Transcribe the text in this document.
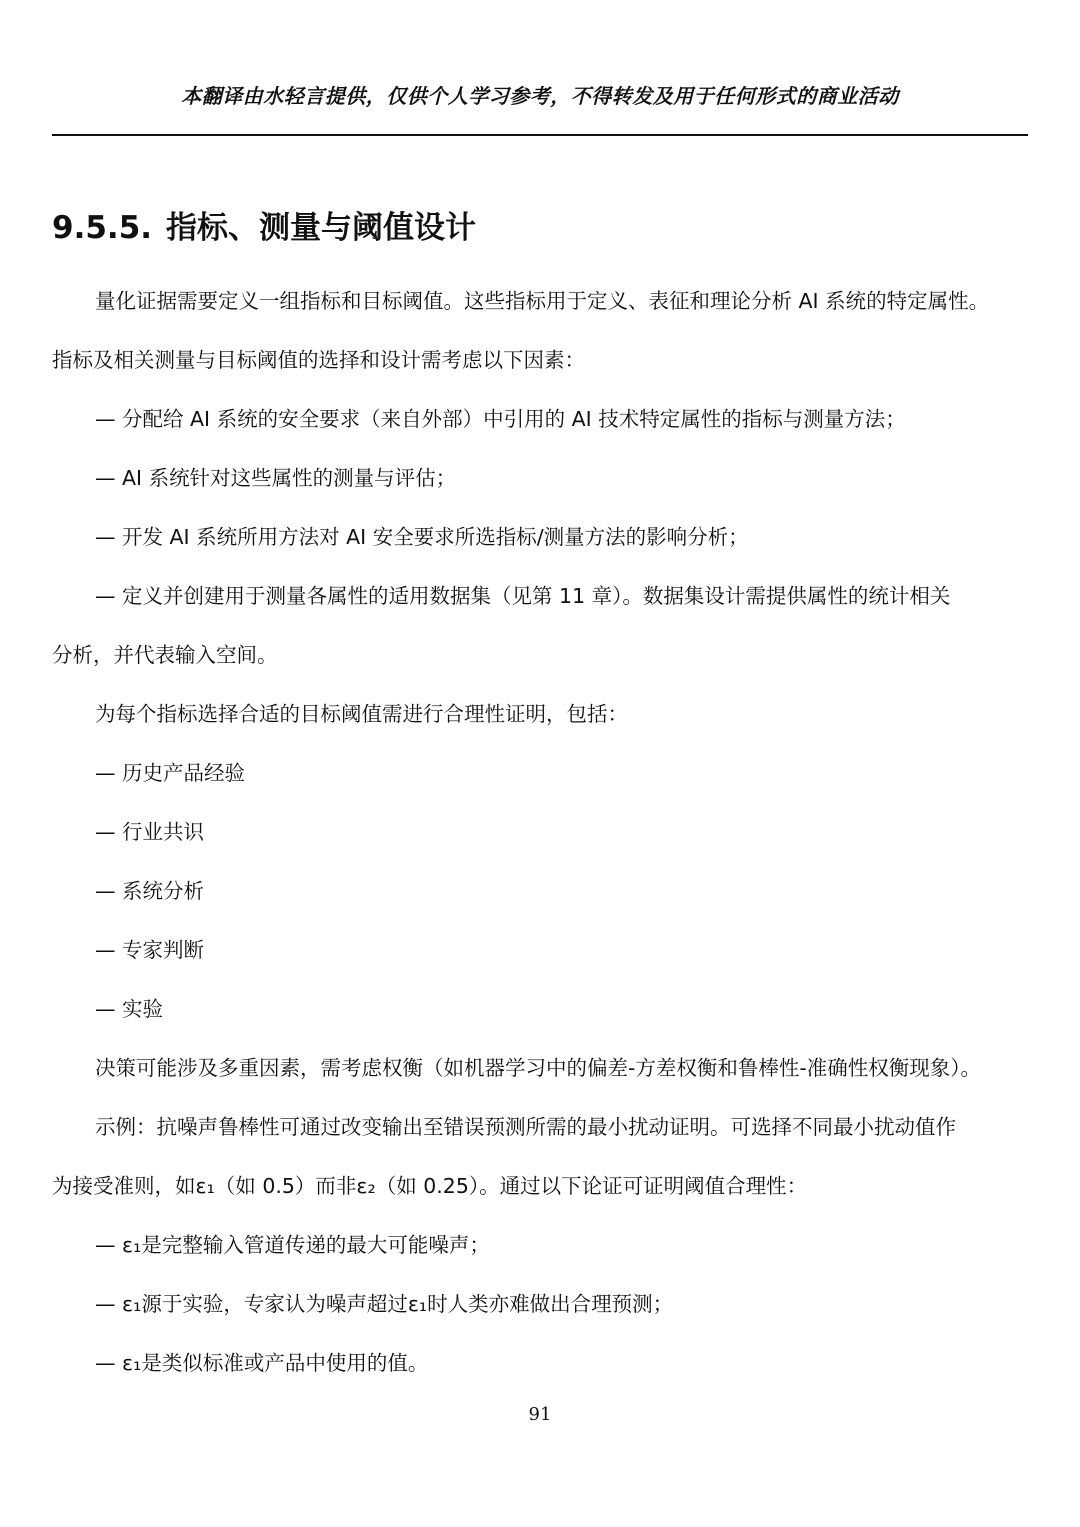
本翻译由水轻言提供，仅供个人学习参考，不得转发及用于任何形式的商业活动
9.5.5. 指标、测量与阈值设计
量化证据需要定义一组指标和目标阈值。这些指标用于定义、表征和理论分析 AI 系统的特定属性。
指标及相关测量与目标阈值的选择和设计需考虑以下因素：
— 分配给 AI 系统的安全要求（来自外部）中引用的 AI 技术特定属性的指标与测量方法；
— AI 系统针对这些属性的测量与评估；
— 开发 AI 系统所用方法对 AI 安全要求所选指标/测量方法的影响分析；
— 定义并创建用于测量各属性的适用数据集（见第 11 章）。数据集设计需提供属性的统计相关
分析，并代表输入空间。
为每个指标选择合适的目标阈值需进行合理性证明，包括：
— 历史产品经验
— 行业共识
— 系统分析
— 专家判断
— 实验
决策可能涉及多重因素，需考虑权衡（如机器学习中的偏差-方差权衡和鲁棒性-准确性权衡现象）。
示例：抗噪声鲁棒性可通过改变输出至错误预测所需的最小扰动证明。可选择不同最小扰动值作
为接受准则，如ε₁（如 0.5）而非ε₂（如 0.25）。通过以下论证可证明阈值合理性：
— ε₁是完整输入管道传递的最大可能噪声；
— ε₁源于实验，专家认为噪声超过ε₁时人类亦难做出合理预测；
— ε₁是类似标准或产品中使用的值。
91
